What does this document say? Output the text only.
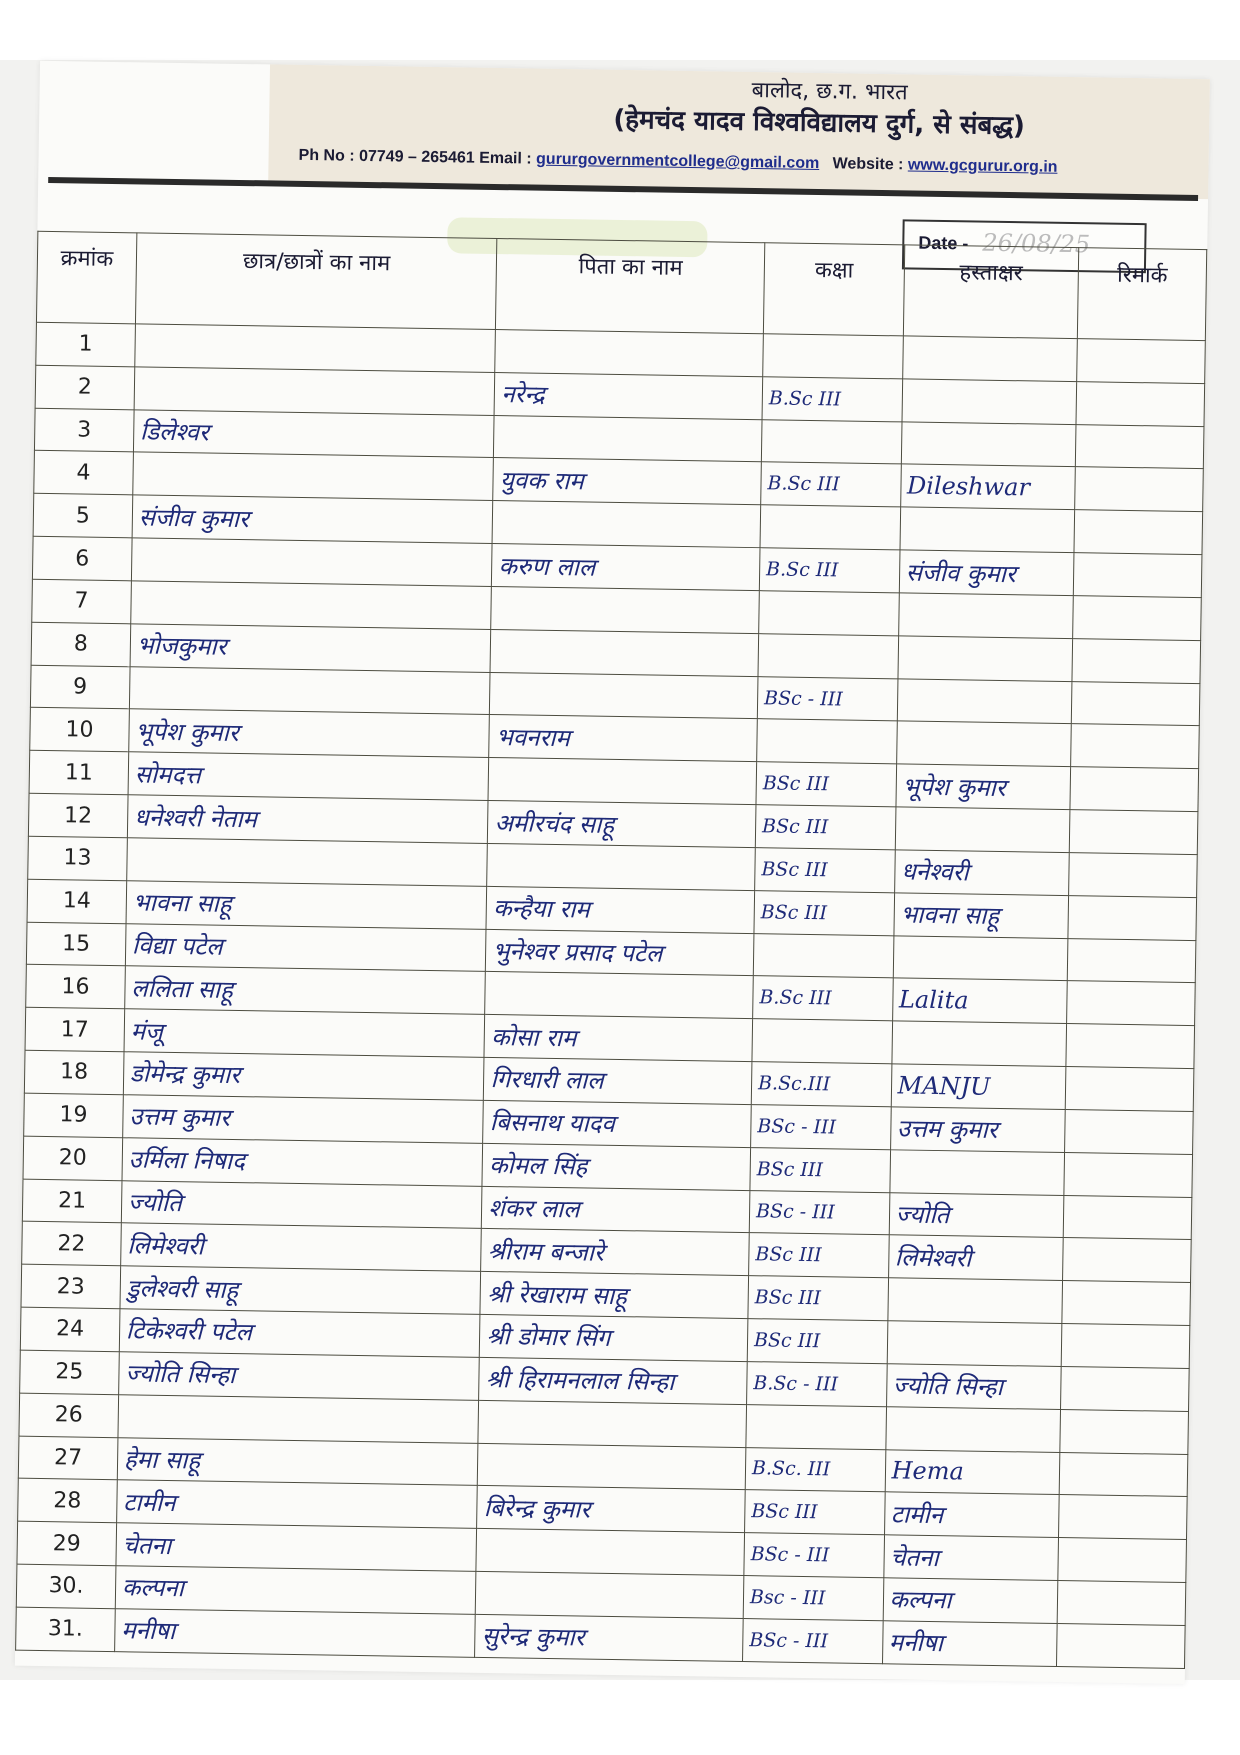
बालोद, छ.ग. भारत
(हेमचंद यादव विश्वविद्यालय दुर्ग, से संबद्ध)
Ph No : 07749 – 265461 Email : gururgovernmentcollege@gmail.com Website : www.gcgurur.org.in
Date - 26/08/25
क्रमांक	छात्र/छात्रों का नाम	पिता का नाम	कक्षा	हस्ताक्षर	रिमार्क
1					
2		नरेन्द्र	B.Sc III		
3	डिलेश्वर				
4		युवक राम	B.Sc III	Dileshwar	
5	संजीव कुमार				
6		करुण लाल	B.Sc III	संजीव कुमार	
7					
8	भोजकुमार				
9			BSc - III		
10	भूपेश कुमार	भवनराम			
11	सोमदत्त		BSc III	भूपेश कुमार	
12	धनेश्वरी नेताम	अमीरचंद साहू	BSc III		
13			BSc III	धनेश्वरी	
14	भावना साहू	कन्हैया राम	BSc III	भावना साहू	
15	विद्या पटेल	भुनेश्वर प्रसाद पटेल			
16	ललिता साहू		B.Sc III	Lalita	
17	मंजू	कोसा राम			
18	डोमेन्द्र कुमार	गिरधारी लाल	B.Sc.III	MANJU	
19	उत्तम कुमार	बिसनाथ यादव	BSc - III	उत्तम कुमार	
20	उर्मिला निषाद	कोमल सिंह	BSc III		
21	ज्योति	शंकर लाल	BSc - III	ज्योति	
22	लिमेश्वरी	श्रीराम बन्जारे	BSc III	लिमेश्वरी	
23	डुलेश्वरी साहू	श्री रेखाराम साहू	BSc III		
24	टिकेश्वरी पटेल	श्री डोमार सिंग	BSc III		
25	ज्योति सिन्हा	श्री हिरामनलाल सिन्हा	B.Sc - III	ज्योति सिन्हा	
26					
27	हेमा साहू		B.Sc. III	Hema	
28	टामीन	बिरेन्द्र कुमार	BSc III	टामीन	
29	चेतना		BSc - III	चेतना	
30.	कल्पना		Bsc - III	कल्पना	
31.	मनीषा	सुरेन्द्र कुमार	BSc - III	मनीषा	
